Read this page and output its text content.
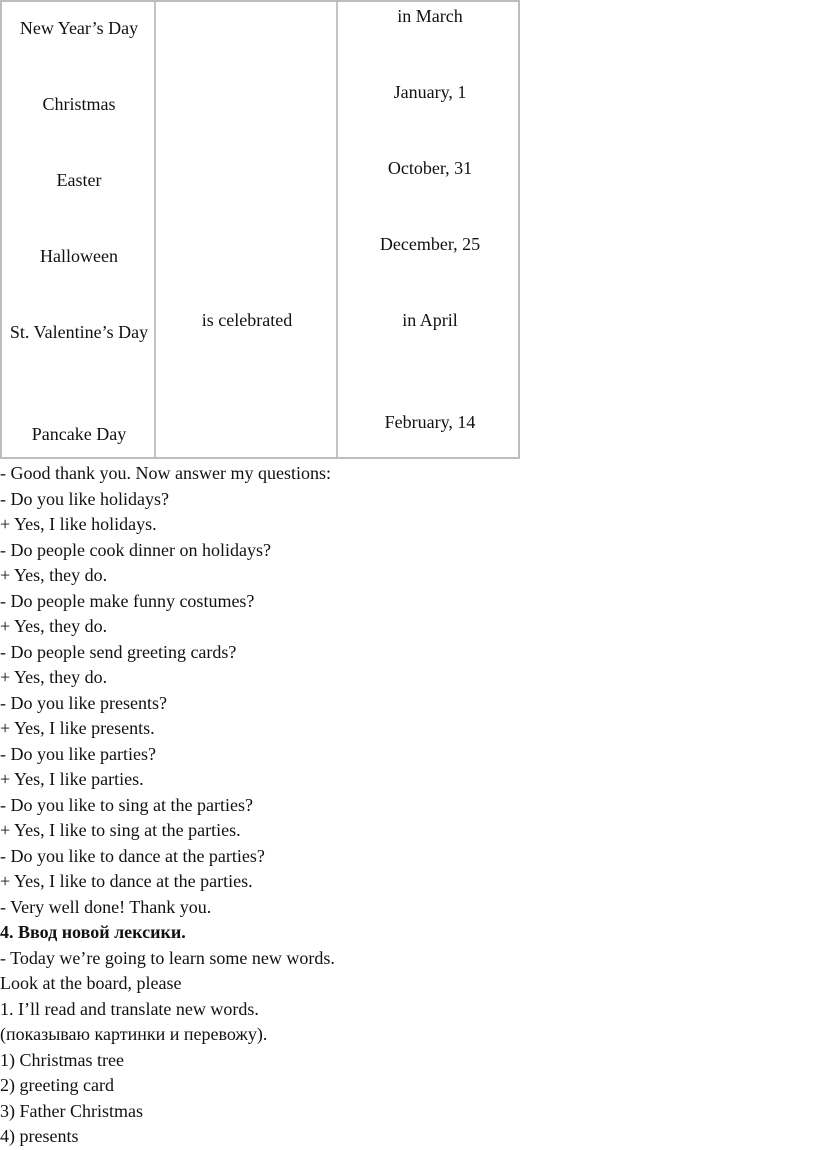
New Year’s Day
Christmas
Easter
Halloween
St. Valentine’s Day
Pancake Day
is celebrated
in March
January, 1
October, 31
December, 25
in April
February, 14
- Good thank you. Now answer my questions:
- Do you like holidays?
+ Yes, I like holidays.
- Do people cook dinner on holidays?
+ Yes, they do.
- Do people make funny costumes?
+ Yes, they do.
- Do people send greeting cards?
+ Yes, they do.
- Do you like presents?
+ Yes, I like presents.
- Do you like parties?
+ Yes, I like parties.
- Do you like to sing at the parties?
+ Yes, I like to sing at the parties.
- Do you like to dance at the parties?
+ Yes, I like to dance at the parties.
- Very well done! Thank you.
4. Ввод новой лексики.
- Today we’re going to learn some new words.
Look at the board, please
1. I’ll read and translate new words.
(показываю картинки и перевожу).
1) Christmas tree
2) greeting card
3) Father Christmas
4) presents
